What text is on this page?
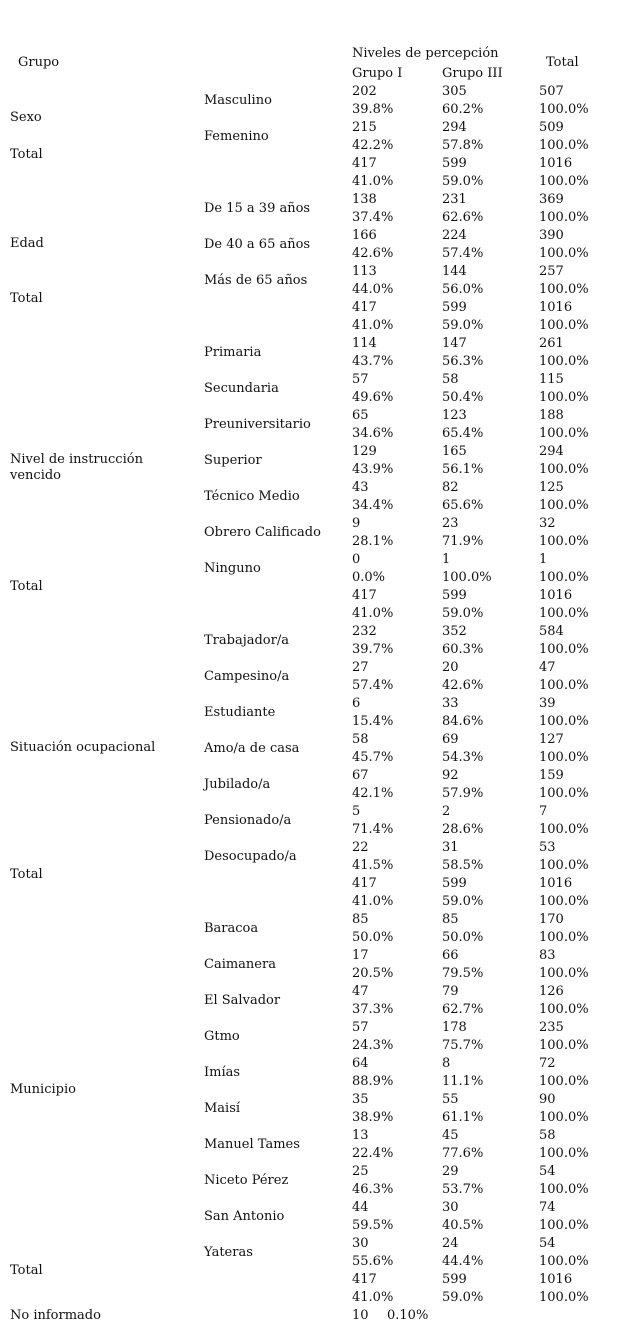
Grupo
Niveles de percepción
Grupo I	Grupo III
Total
Sexo
Masculino
202
39.8%
305
60.2%
507
100.0%
Femenino
215
42.2%
294
57.8%
509
100.0%
Total
417
41.0%
599
59.0%
1016
100.0%
Edad
De 15 a 39 años
138
37.4%
231
62.6%
369
100.0%
De 40 a 65 años
166
42.6%
224
57.4%
390
100.0%
Más de 65 años
113
44.0%
144
56.0%
257
100.0%
Total
417
41.0%
599
59.0%
1016
100.0%
Nivel de instrucción vencido
Primaria
114
43.7%
147
56.3%
261
100.0%
Secundaria
57
49.6%
58
50.4%
115
100.0%
Preuniversitario
65
34.6%
123
65.4%
188
100.0%
Superior
129
43.9%
165
56.1%
294
100.0%
Técnico Medio
43
34.4%
82
65.6%
125
100.0%
Obrero Calificado
9
28.1%
23
71.9%
32
100.0%
Ninguno
0
0.0%
1
100.0%
1
100.0%
Total
417
41.0%
599
59.0%
1016
100.0%
Situación ocupacional
Trabajador/a
232
39.7%
352
60.3%
584
100.0%
Campesino/a
27
57.4%
20
42.6%
47
100.0%
Estudiante
6
15.4%
33
84.6%
39
100.0%
Amo/a de casa
58
45.7%
69
54.3%
127
100.0%
Jubilado/a
67
42.1%
92
57.9%
159
100.0%
Pensionado/a
5
71.4%
2
28.6%
7
100.0%
Desocupado/a
22
41.5%
31
58.5%
53
100.0%
Total
417
41.0%
599
59.0%
1016
100.0%
Municipio
Baracoa
85
50.0%
85
50.0%
170
100.0%
Caimanera
17
20.5%
66
79.5%
83
100.0%
El Salvador
47
37.3%
79
62.7%
126
100.0%
Gtmo
57
24.3%
178
75.7%
235
100.0%
Imías
64
88.9%
8
11.1%
72
100.0%
Maisí
35
38.9%
55
61.1%
90
100.0%
Manuel Tames
13
22.4%
45
77.6%
58
100.0%
Niceto Pérez
25
46.3%
29
53.7%
54
100.0%
San Antonio
44
59.5%
30
40.5%
74
100.0%
Yateras
30
55.6%
24
44.4%
54
100.0%
Total
417
41.0%
599
59.0%
1016
100.0%
No informado	10 0.10%
